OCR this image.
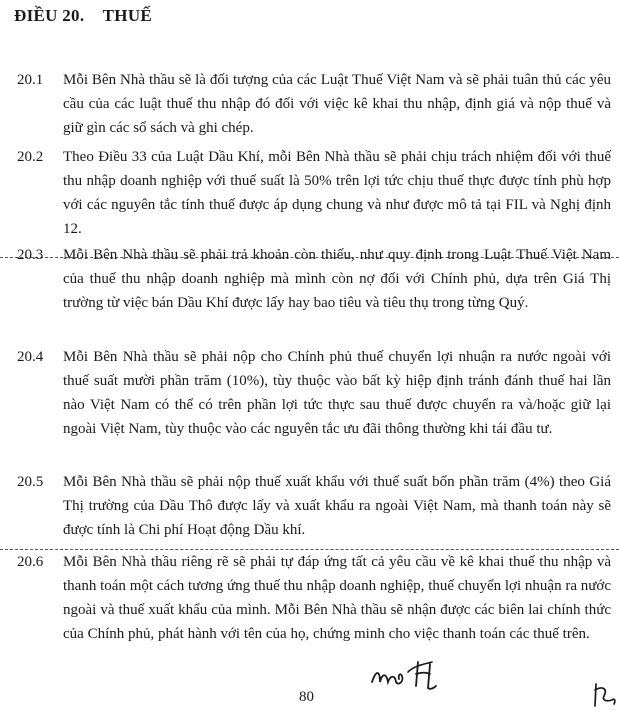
ĐIỀU 20. THUẾ
20.1 Mỗi Bên Nhà thầu sẽ là đối tượng của các Luật Thuế Việt Nam và sẽ phải tuân thủ các yêu cầu của các luật thuế thu nhập đó đối với việc kê khai thu nhập, định giá và nộp thuế và giữ gìn các sổ sách và ghi chép.
20.2 Theo Điều 33 của Luật Dầu Khí, mỗi Bên Nhà thầu sẽ phải chịu trách nhiệm đối với thuế thu nhập doanh nghiệp với thuế suất là 50% trên lợi tức chịu thuế thực được tính phù hợp với các nguyên tắc tính thuế được áp dụng chung và như được mô tả tại FIL và Nghị định 12.
20.3 Mỗi Bên Nhà thầu sẽ phải trả khoản còn thiếu, như quy định trong Luật Thuế Việt Nam của thuế thu nhập doanh nghiệp mà mình còn nợ đối với Chính phủ, dựa trên Giá Thị trường từ việc bán Dầu Khí được lấy hay bao tiêu và tiêu thụ trong từng Quý.
20.4 Mỗi Bên Nhà thầu sẽ phải nộp cho Chính phủ thuế chuyển lợi nhuận ra nước ngoài với thuế suất mười phần trăm (10%), tùy thuộc vào bất kỳ hiệp định tránh đánh thuế hai lần nào Việt Nam có thể có trên phần lợi tức thực sau thuế được chuyển ra và/hoặc giữ lại ngoài Việt Nam, tùy thuộc vào các nguyên tắc ưu đãi thông thường khi tái đầu tư.
20.5 Mỗi Bên Nhà thầu sẽ phải nộp thuế xuất khẩu với thuế suất bốn phần trăm (4%) theo Giá Thị trường của Dầu Thô được lấy và xuất khẩu ra ngoài Việt Nam, mà thanh toán này sẽ được tính là Chi phí Hoạt động Dầu khí.
20.6 Mỗi Bên Nhà thầu riêng rẽ sẽ phải tự đáp ứng tất cả yêu cầu về kê khai thuế thu nhập và thanh toán một cách tương ứng thuế thu nhập doanh nghiệp, thuế chuyển lợi nhuận ra nước ngoài và thuế xuất khẩu của mình. Mỗi Bên Nhà thầu sẽ nhận được các biên lai chính thức của Chính phủ, phát hành với tên của họ, chứng minh cho việc thanh toán các thuế trên.
80
